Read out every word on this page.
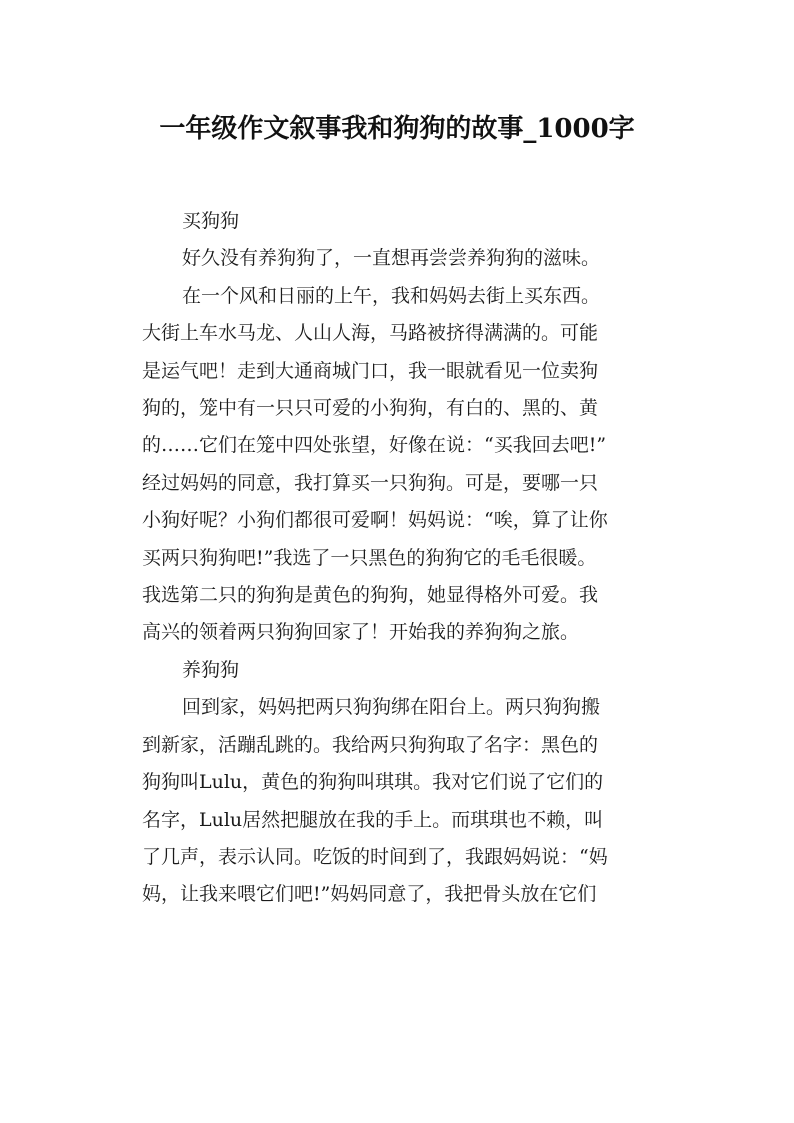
一年级作文叙事我和狗狗的故事_1000字

买狗狗

好久没有养狗狗了，一直想再尝尝养狗狗的滋味。

在一个风和日丽的上午，我和妈妈去街上买东西。
大街上车水马龙、人山人海，马路被挤得满满的。可能
是运气吧！走到大通商城门口，我一眼就看见一位卖狗
狗的，笼中有一只只可爱的小狗狗，有白的、黑的、黄
的……它们在笼中四处张望，好像在说：“买我回去吧!”
经过妈妈的同意，我打算买一只狗狗。可是，要哪一只
小狗好呢？小狗们都很可爱啊！妈妈说：“唉，算了让你
买两只狗狗吧!”我选了一只黑色的狗狗它的毛毛很暖。
我选第二只的狗狗是黄色的狗狗，她显得格外可爱。我
高兴的领着两只狗狗回家了！开始我的养狗狗之旅。

养狗狗

回到家，妈妈把两只狗狗绑在阳台上。两只狗狗搬
到新家，活蹦乱跳的。我给两只狗狗取了名字：黑色的
狗狗叫Lulu，黄色的狗狗叫琪琪。我对它们说了它们的
名字，Lulu居然把腿放在我的手上。而琪琪也不赖，叫
了几声，表示认同。吃饭的时间到了，我跟妈妈说：“妈
妈，让我来喂它们吧!”妈妈同意了，我把骨头放在它们
